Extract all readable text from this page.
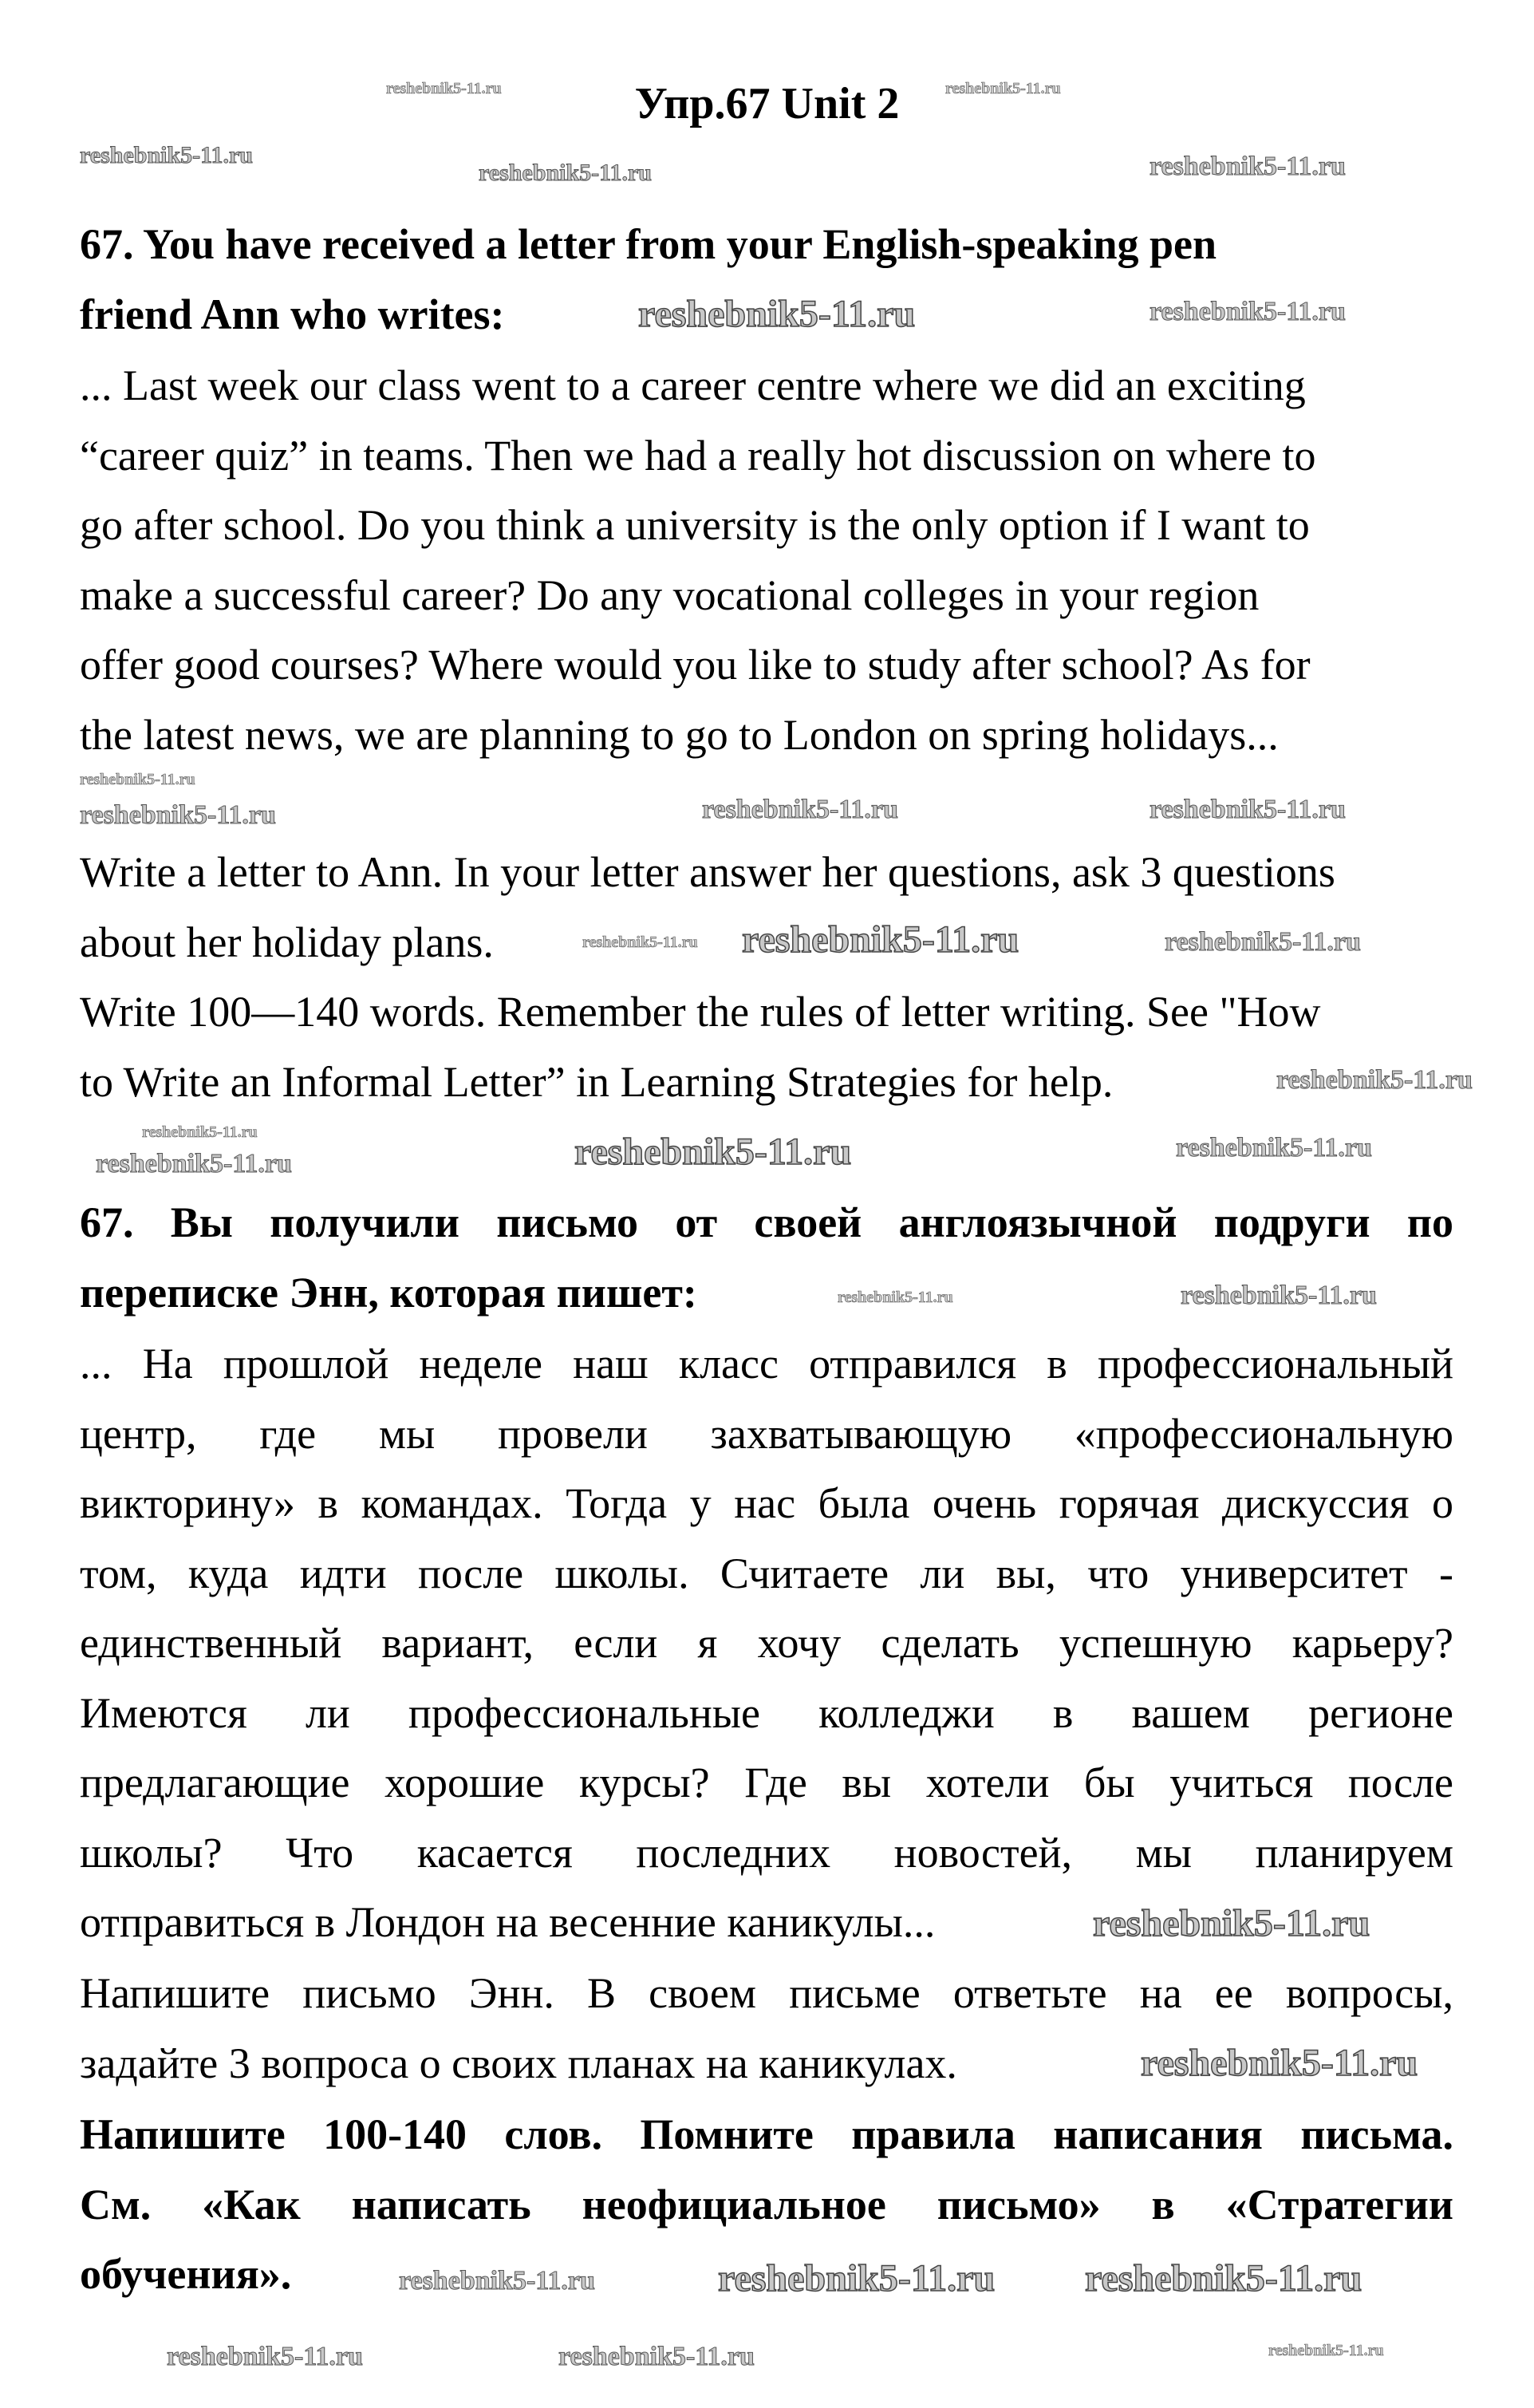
Упр.67 Unit 2
67. You have received a letter from your English-speaking pen
friend Ann who writes:
... Last week our class went to a career centre where we did an exciting
“career quiz” in teams. Then we had a really hot discussion on where to
go after school. Do you think a university is the only option if I want to
make a successful career? Do any vocational colleges in your region
offer good courses? Where would you like to study after school? As for
the latest news, we are planning to go to London on spring holidays...
Write a letter to Ann. In your letter answer her questions, ask 3 questions
about her holiday plans.
Write 100—140 words. Remember the rules of letter writing. See "How
to Write an Informal Letter” in Learning Strategies for help.
67. Вы получили письмо от своей англоязычной подруги по
переписке Энн, которая пишет:
... На прошлой неделе наш класс отправился в профессиональный
центр, где мы провели захватывающую «профессиональную
викторину» в командах. Тогда у нас была очень горячая дискуссия о
том, куда идти после школы. Считаете ли вы, что университет -
единственный вариант, если я хочу сделать успешную карьеру?
Имеются ли профессиональные колледжи в вашем регионе
предлагающие хорошие курсы? Где вы хотели бы учиться после
школы? Что касается последних новостей, мы планируем
отправиться в Лондон на весенние каникулы...
Напишите письмо Энн. В своем письме ответьте на ее вопросы,
задайте 3 вопроса о своих планах на каникулах.
Напишите 100-140 слов. Помните правила написания письма.
См. «Как написать неофициальное письмо» в «Стратегии
обучения».
reshebnik5-11.ru	reshebnik5-11.ru
reshebnik5-11.ru	reshebnik5-11.ru
reshebnik5-11.ru
reshebnik5-11.ru
reshebnik5-11.ru
reshebnik5-11.ru
reshebnik5-11.ru
reshebnik5-11.ru	reshebnik5-11.ru
reshebnik5-11.ru
reshebnik5-11.ru reshebnik5-11.ru
reshebnik5-11.ru
reshebnik5-11.ru
reshebnik5-11.ru
reshebnik5-11.ru	reshebnik5-11.ru
reshebnik5-11.ru
reshebnik5-11.ru
reshebnik5-11.ru	reshebnik5-11.ru
reshebnik5-11.ru
reshebnik5-11.ru	reshebnik5-11.ru
reshebnik5-11.ru
reshebnik5-11.ru
reshebnik5-11.ru
